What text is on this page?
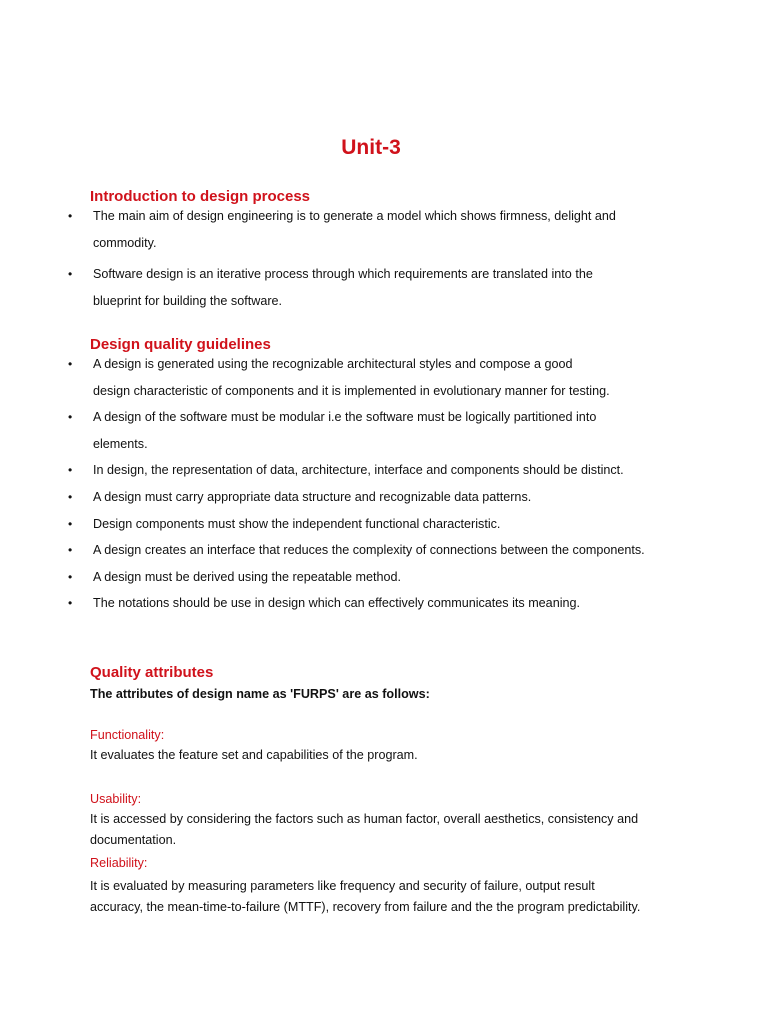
Unit-3
Introduction to design process
• The main aim of design engineering is to generate a model which shows firmness, delight and commodity.
• Software design is an iterative process through which requirements are translated into the blueprint for building the software.
Design quality guidelines
• A design is generated using the recognizable architectural styles and compose a good design characteristic of components and it is implemented in evolutionary manner for testing.
• A design of the software must be modular i.e the software must be logically partitioned into elements.
• In design, the representation of data, architecture, interface and components should be distinct.
• A design must carry appropriate data structure and recognizable data patterns.
• Design components must show the independent functional characteristic.
• A design creates an interface that reduces the complexity of connections between the components.
• A design must be derived using the repeatable method.
• The notations should be use in design which can effectively communicates its meaning.
Quality attributes

The attributes of design name as 'FURPS' are as follows:

Functionality:

It evaluates the feature set and capabilities of the program.

Usability:

It is accessed by considering the factors such as human factor, overall aesthetics, consistency and documentation.

Reliability:

It is evaluated by measuring parameters like frequency and security of failure, output result accuracy, the mean-time-to-failure (MTTF), recovery from failure and the the program predictability.
